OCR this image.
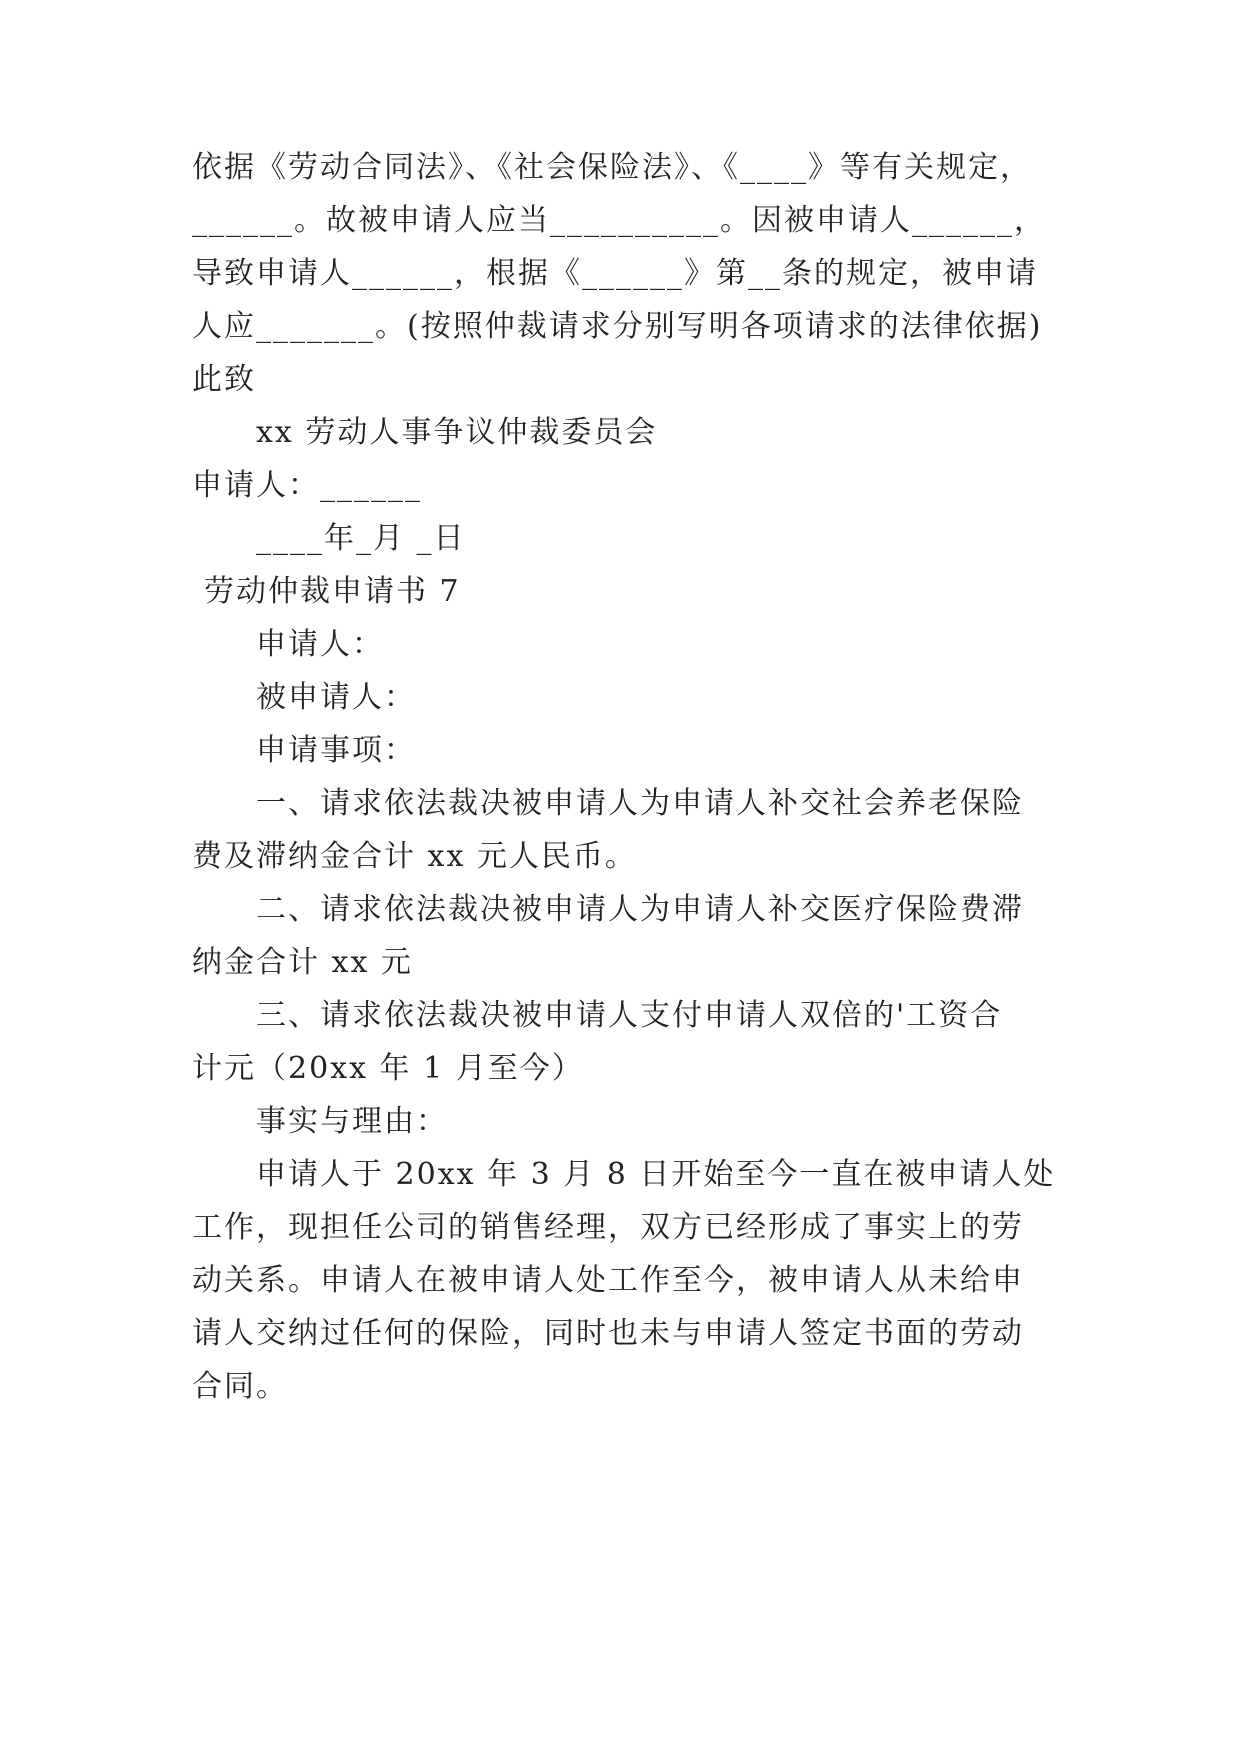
依据《劳动合同法》、《社会保险法》、《____》等有关规定，
______。故被申请人应当__________。因被申请人______，
导致申请人______，根据《______》第__条的规定，被申请
人应_______。(按照仲裁请求分别写明各项请求的法律依据)
此致
xx 劳动人事争议仲裁委员会
申请人：______
____年_月 _日
劳动仲裁申请书 7
申请人：
被申请人：
申请事项：
一、请求依法裁决被申请人为申请人补交社会养老保险
费及滞纳金合计 xx 元人民币。
二、请求依法裁决被申请人为申请人补交医疗保险费滞
纳金合计 xx 元
三、请求依法裁决被申请人支付申请人双倍的'工资合
计元（20xx 年 1 月至今）
事实与理由：
申请人于 20xx 年 3 月 8 日开始至今一直在被申请人处
工作，现担任公司的销售经理，双方已经形成了事实上的劳
动关系。申请人在被申请人处工作至今，被申请人从未给申
请人交纳过任何的保险，同时也未与申请人签定书面的劳动
合同。
